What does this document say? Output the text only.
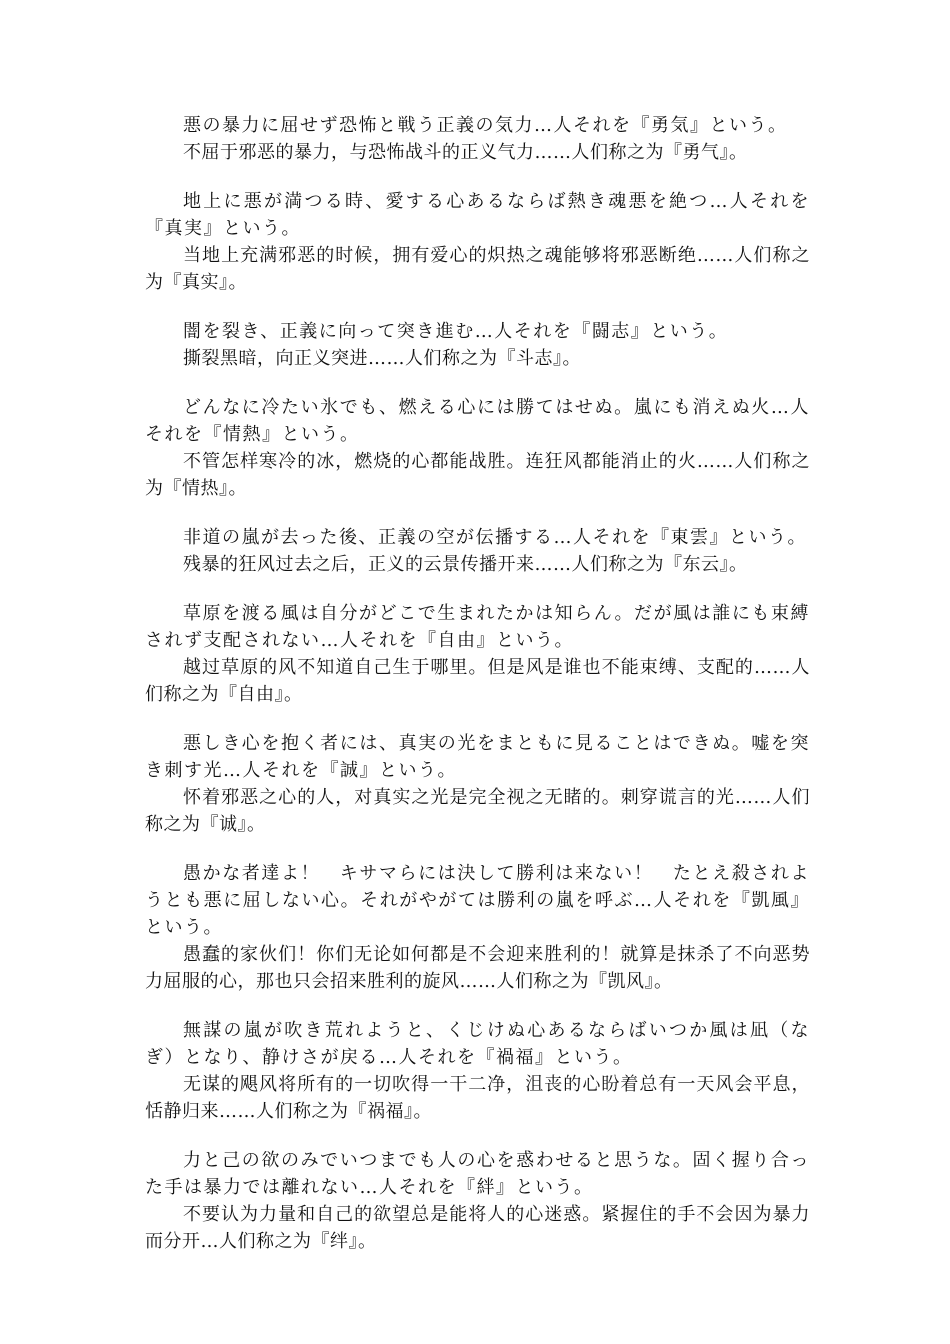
悪の暴力に屈せず恐怖と戦う正義の気力…人それを『勇気』という。

不屈于邪恶的暴力，与恐怖战斗的正义气力……人们称之为『勇气』。

地上に悪が満つる時、愛する心あるならば熱き魂悪を絶つ…人それを『真実』という。

当地上充满邪恶的时候，拥有爱心的炽热之魂能够将邪恶断绝……人们称之为『真实』。

闇を裂き、正義に向って突き進む…人それを『闘志』という。

撕裂黑暗，向正义突进……人们称之为『斗志』。

どんなに冷たい氷でも、燃える心には勝てはせぬ。嵐にも消えぬ火…人それを『情熱』という。

不管怎样寒冷的冰，燃烧的心都能战胜。连狂风都能消止的火……人们称之为『情热』。

非道の嵐が去った後、正義の空が伝播する…人それを『東雲』という。

残暴的狂风过去之后，正义的云景传播开来……人们称之为『东云』。

草原を渡る風は自分がどこで生まれたかは知らん。だが風は誰にも束縛されず支配されない…人それを『自由』という。

越过草原的风不知道自己生于哪里。但是风是谁也不能束缚、支配的……人们称之为『自由』。

悪しき心を抱く者には、真実の光をまともに見ることはできぬ。嘘を突き刺す光…人それを『誠』という。

怀着邪恶之心的人，对真实之光是完全视之无睹的。刺穿谎言的光……人们称之为『诚』。

愚かな者達よ！　キサマらには決して勝利は来ない！　たとえ殺されようとも悪に屈しない心。それがやがては勝利の嵐を呼ぶ…人それを『凱風』という。

愚蠢的家伙们！你们无论如何都是不会迎来胜利的！就算是抹杀了不向恶势力屈服的心，那也只会招来胜利的旋风……人们称之为『凯风』。

無謀の嵐が吹き荒れようと、くじけぬ心あるならばいつか風は凪（なぎ）となり、静けさが戻る…人それを『禍福』という。

无谋的飓风将所有的一切吹得一干二净，沮丧的心盼着总有一天风会平息，恬静归来……人们称之为『祸福』。

力と己の欲のみでいつまでも人の心を惑わせると思うな。固く握り合った手は暴力では離れない…人それを『絆』という。

不要认为力量和自己的欲望总是能将人的心迷惑。紧握住的手不会因为暴力而分开…人们称之为『绊』。
